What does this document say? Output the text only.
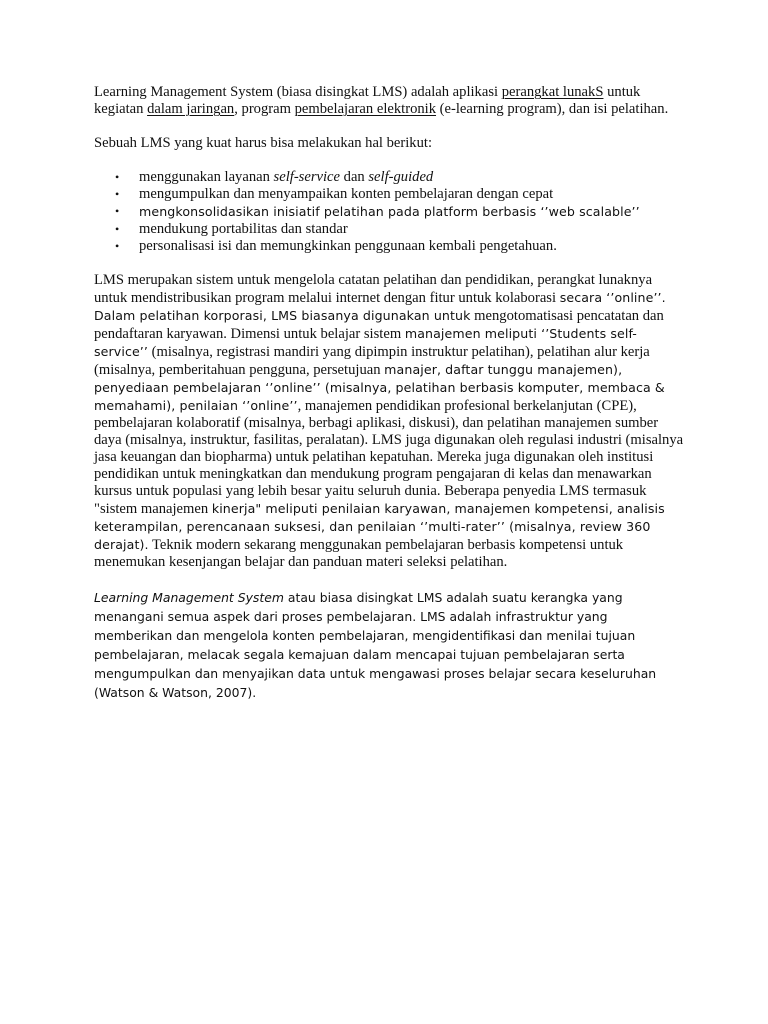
Learning Management System (biasa disingkat LMS) adalah aplikasi perangkat lunakS untuk kegiatan dalam jaringan, program pembelajaran elektronik (e-learning program), dan isi pelatihan.

Sebuah LMS yang kuat harus bisa melakukan hal berikut:

• menggunakan layanan self-service dan self-guided
• mengumpulkan dan menyampaikan konten pembelajaran dengan cepat
• mengkonsolidasikan inisiatif pelatihan pada platform berbasis ‘’web scalable’’
• mendukung portabilitas dan standar
• personalisasi isi dan memungkinkan penggunaan kembali pengetahuan.

LMS merupakan sistem untuk mengelola catatan pelatihan dan pendidikan, perangkat lunaknya untuk mendistribusikan program melalui internet dengan fitur untuk kolaborasi secara ‘’online’’. Dalam pelatihan korporasi, LMS biasanya digunakan untuk mengotomatisasi pencatatan dan pendaftaran karyawan. Dimensi untuk belajar sistem manajemen meliputi ‘’Students self-service’’ (misalnya, registrasi mandiri yang dipimpin instruktur pelatihan), pelatihan alur kerja (misalnya, pemberitahuan pengguna, persetujuan manajer, daftar tunggu manajemen), penyediaan pembelajaran ‘’online’’ (misalnya, pelatihan berbasis komputer, membaca & memahami), penilaian ‘’online’’, manajemen pendidikan profesional berkelanjutan (CPE), pembelajaran kolaboratif (misalnya, berbagi aplikasi, diskusi), dan pelatihan manajemen sumber daya (misalnya, instruktur, fasilitas, peralatan). LMS juga digunakan oleh regulasi industri (misalnya jasa keuangan dan biopharma) untuk pelatihan kepatuhan. Mereka juga digunakan oleh institusi pendidikan untuk meningkatkan dan mendukung program pengajaran di kelas dan menawarkan kursus untuk populasi yang lebih besar yaitu seluruh dunia. Beberapa penyedia LMS termasuk "sistem manajemen kinerja" meliputi penilaian karyawan, manajemen kompetensi, analisis keterampilan, perencanaan suksesi, dan penilaian ‘’multi-rater’’ (misalnya, review 360 derajat). Teknik modern sekarang menggunakan pembelajaran berbasis kompetensi untuk menemukan kesenjangan belajar dan panduan materi seleksi pelatihan.

Learning Management System atau biasa disingkat LMS adalah suatu kerangka yang menangani semua aspek dari proses pembelajaran. LMS adalah infrastruktur yang memberikan dan mengelola konten pembelajaran, mengidentifikasi dan menilai tujuan pembelajaran, melacak segala kemajuan dalam mencapai tujuan pembelajaran serta mengumpulkan dan menyajikan data untuk mengawasi proses belajar secara keseluruhan (Watson & Watson, 2007).
